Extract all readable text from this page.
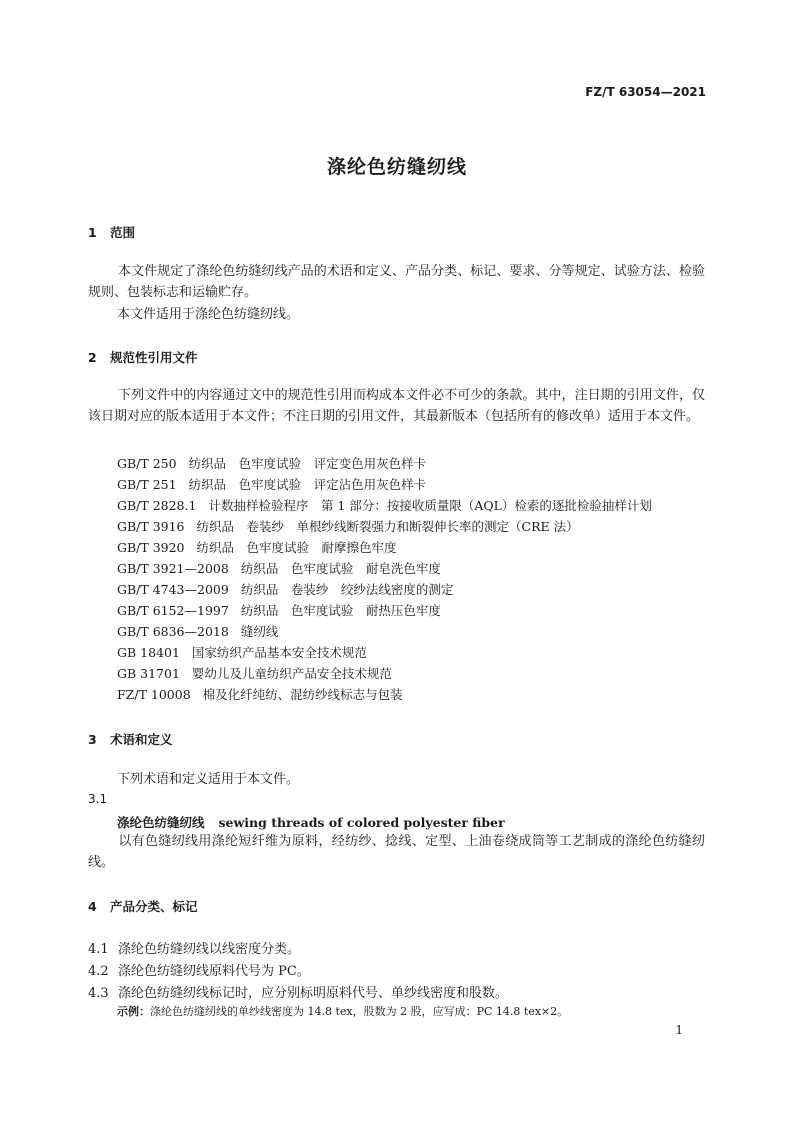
FZ/T 63054—2021
涤纶色纺缝纫线
1 范围
本文件规定了涤纶色纺缝纫线产品的术语和定义、产品分类、标记、要求、分等规定、试验方法、检验规则、包装标志和运输贮存。
本文件适用于涤纶色纺缝纫线。
2 规范性引用文件
下列文件中的内容通过文中的规范性引用而构成本文件必不可少的条款。其中，注日期的引用文件，仅该日期对应的版本适用于本文件；不注日期的引用文件，其最新版本（包括所有的修改单）适用于本文件。
GB/T 250 纺织品　色牢度试验　评定变色用灰色样卡
GB/T 251 纺织品　色牢度试验　评定沾色用灰色样卡
GB/T 2828.1 计数抽样检验程序　第 1 部分：按接收质量限（AQL）检索的逐批检验抽样计划
GB/T 3916 纺织品　卷装纱　单根纱线断裂强力和断裂伸长率的测定（CRE 法）
GB/T 3920 纺织品　色牢度试验　耐摩擦色牢度
GB/T 3921—2008 纺织品　色牢度试验　耐皂洗色牢度
GB/T 4743—2009 纺织品　卷装纱　绞纱法线密度的测定
GB/T 6152—1997 纺织品　色牢度试验　耐热压色牢度
GB/T 6836—2018 缝纫线
GB 18401 国家纺织产品基本安全技术规范
GB 31701 婴幼儿及儿童纺织产品安全技术规范
FZ/T 10008 棉及化纤纯纺、混纺纱线标志与包装
3 术语和定义
下列术语和定义适用于本文件。
3.1
涤纶色纺缝纫线 sewing threads of colored polyester fiber
以有色缝纫线用涤纶短纤维为原料，经纺纱、捻线、定型、上油卷绕成筒等工艺制成的涤纶色纺缝纫线。
4 产品分类、标记
4.1 涤纶色纺缝纫线以线密度分类。
4.2 涤纶色纺缝纫线原料代号为 PC。
4.3 涤纶色纺缝纫线标记时，应分别标明原料代号、单纱线密度和股数。
示例：涤纶色纺缝纫线的单纱线密度为 14.8 tex，股数为 2 股，应写成：PC 14.8 tex×2。
1
